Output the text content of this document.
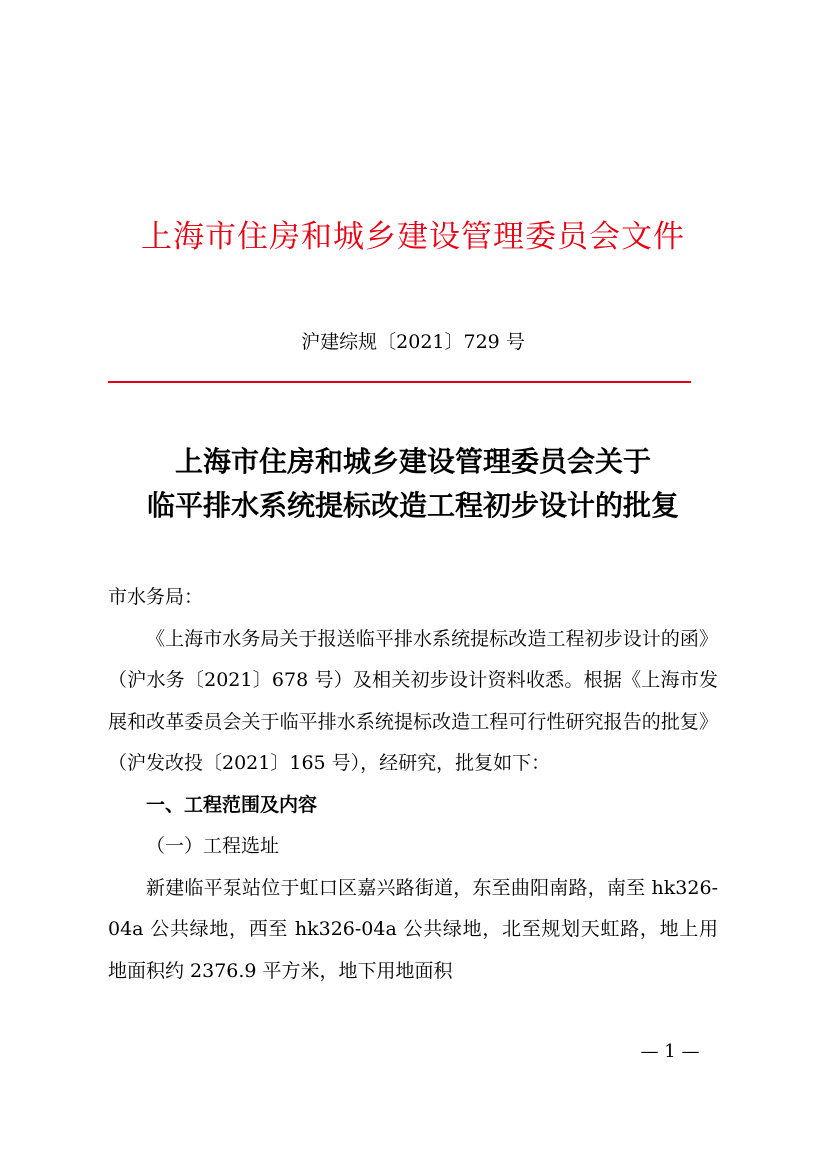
上海市住房和城乡建设管理委员会文件
沪建综规〔2021〕729 号
上海市住房和城乡建设管理委员会关于
临平排水系统提标改造工程初步设计的批复

市水务局：

《上海市水务局关于报送临平排水系统提标改造工程初步设计的函》（沪水务〔2021〕678 号）及相关初步设计资料收悉。根据《上海市发展和改革委员会关于临平排水系统提标改造工程可行性研究报告的批复》（沪发改投〔2021〕165 号），经研究，批复如下：

一、工程范围及内容

（一）工程选址

新建临平泵站位于虹口区嘉兴路街道，东至曲阳南路，南至 hk326-04a 公共绿地，西至 hk326-04a 公共绿地，北至规划天虹路，地上用地面积约 2376.9 平方米，地下用地面积

— 1 —
